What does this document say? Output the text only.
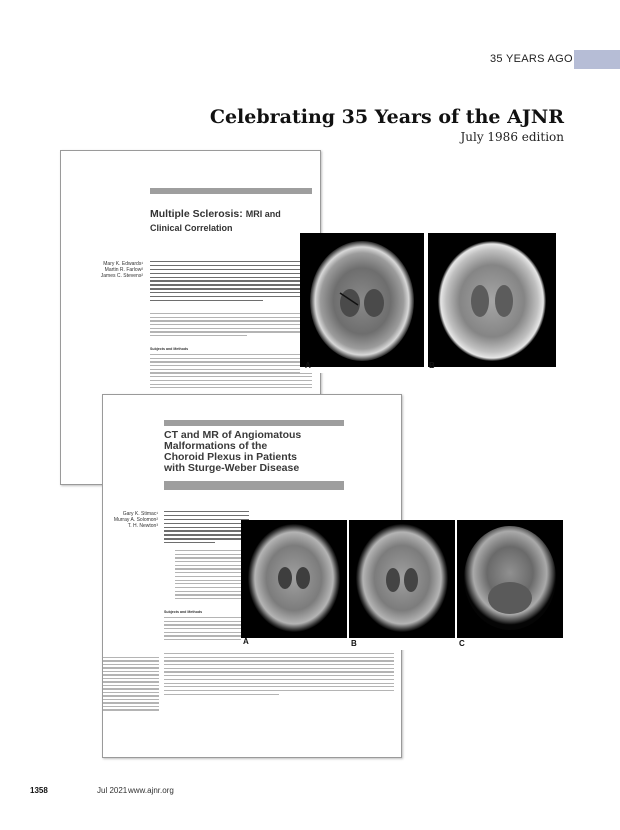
35 YEARS AGO
Celebrating 35 Years of the AJNR
July 1986 edition
Multiple Sclerosis: MRI and
Clinical Correlation
Mary K. Edwards¹
Martin R. Farlow²
James C. Stevens²
Subjects and Methods
A	B
CT and MR of Angiomatous
Malformations of the
Choroid Plexus in Patients
with Sturge-Weber Disease
Gary K. Stimac¹
Murray A. Solomon²
T. H. Newton³
Subjects and Methods
A	B	C
1358	Jul 2021 www.ajnr.org
